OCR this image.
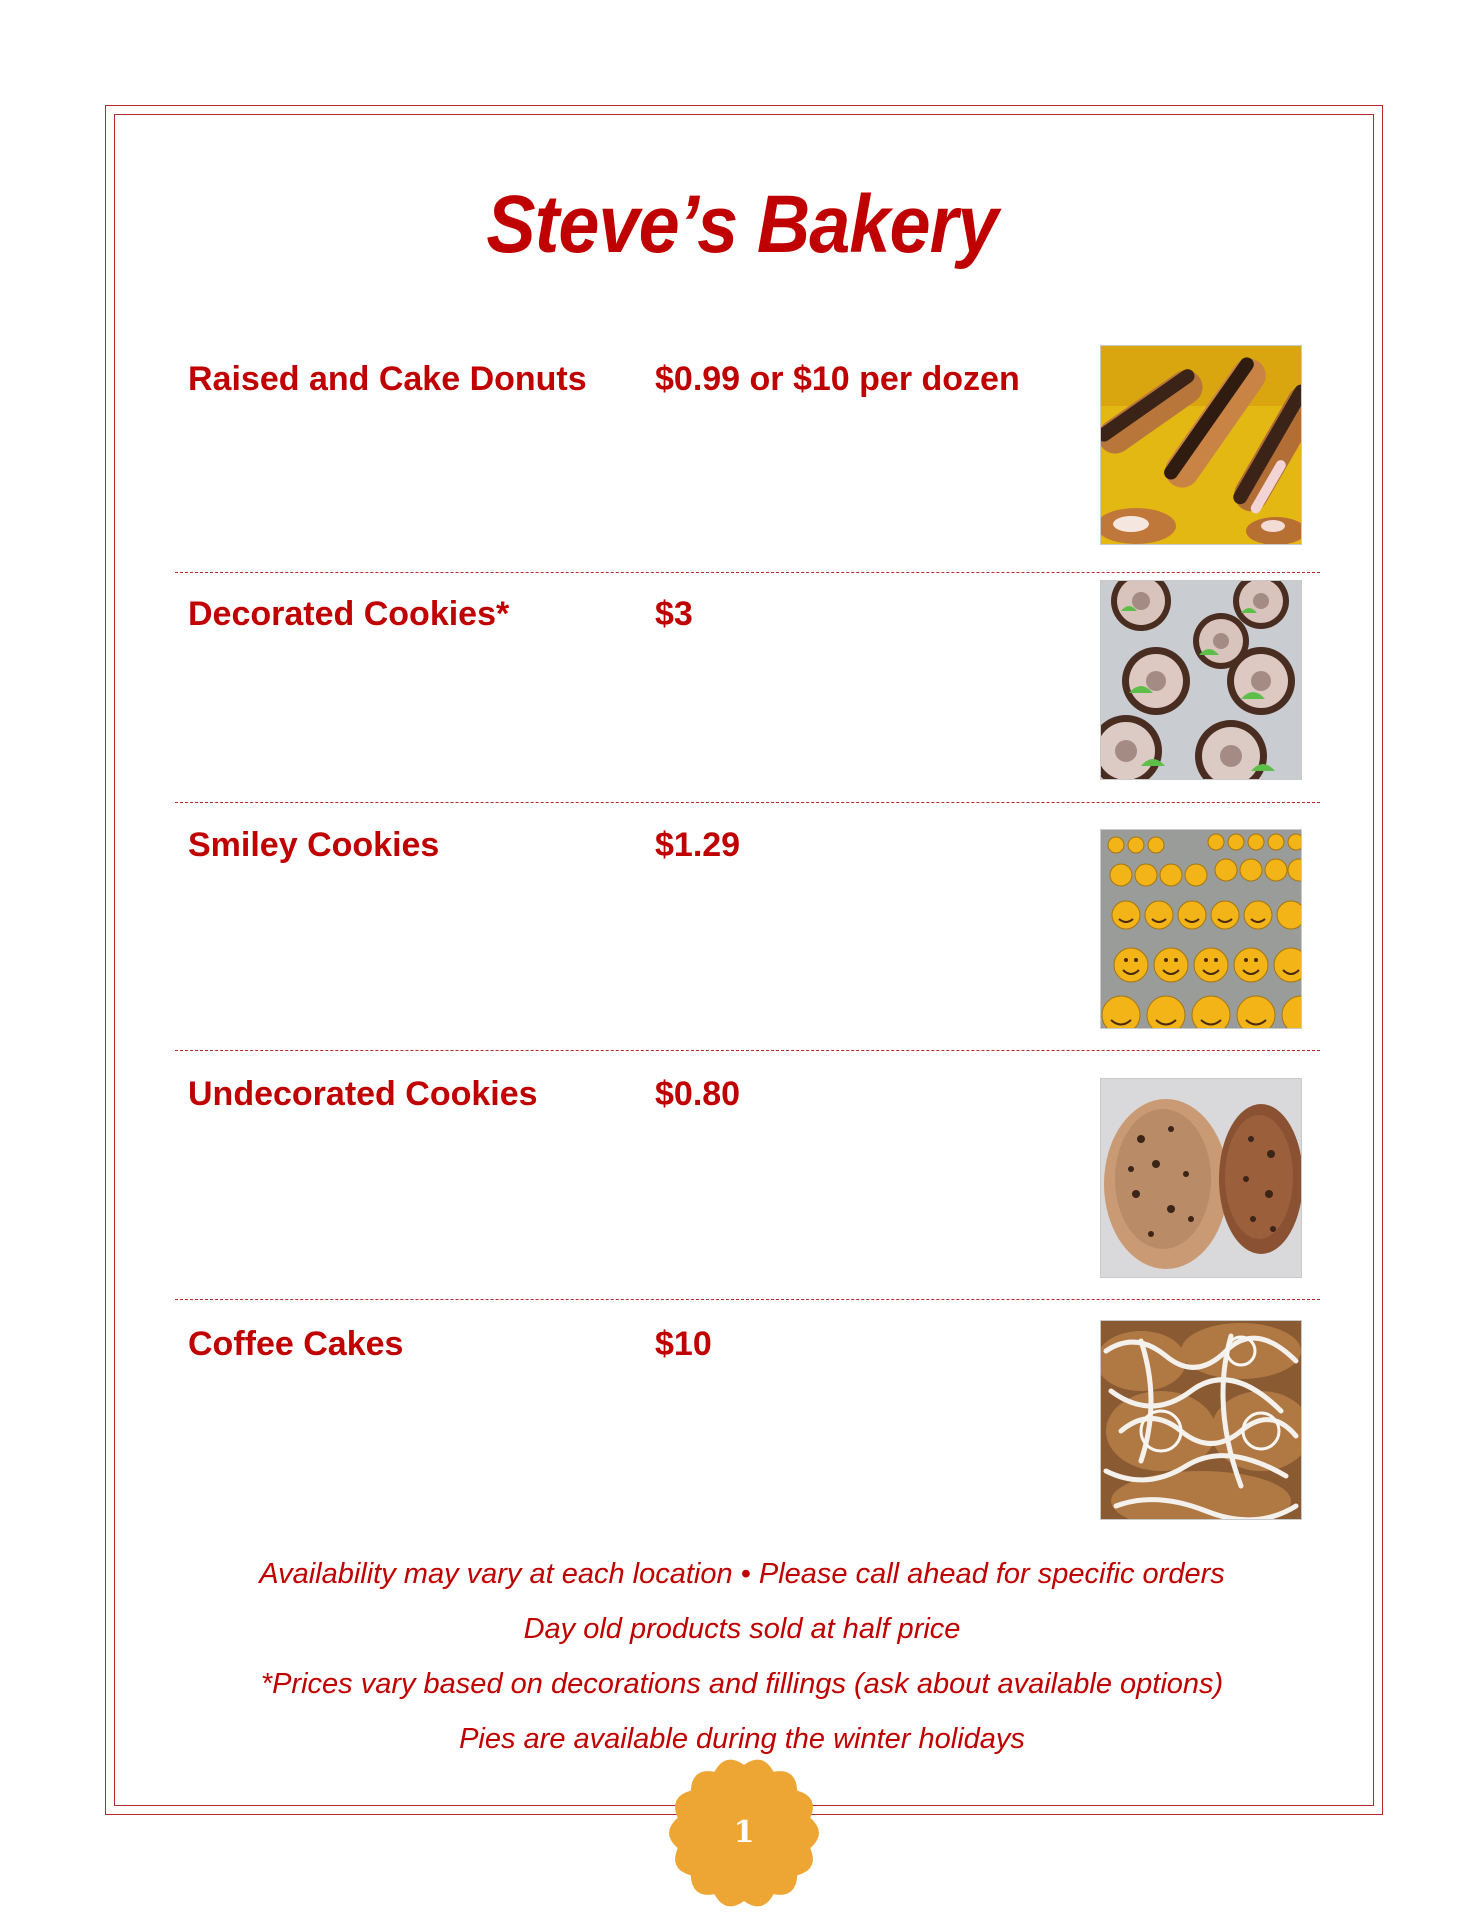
Steve’s Bakery
Raised and Cake Donuts $0.99 or $10 per dozen
Decorated Cookies*	$3
Smiley Cookies	$1.29
Undecorated Cookies	$0.80
Coffee Cakes	$10
Availability may vary at each location • Please call ahead for specific orders
Day old products sold at half price
*Prices vary based on decorations and fillings (ask about available options)
Pies are available during the winter holidays
1
